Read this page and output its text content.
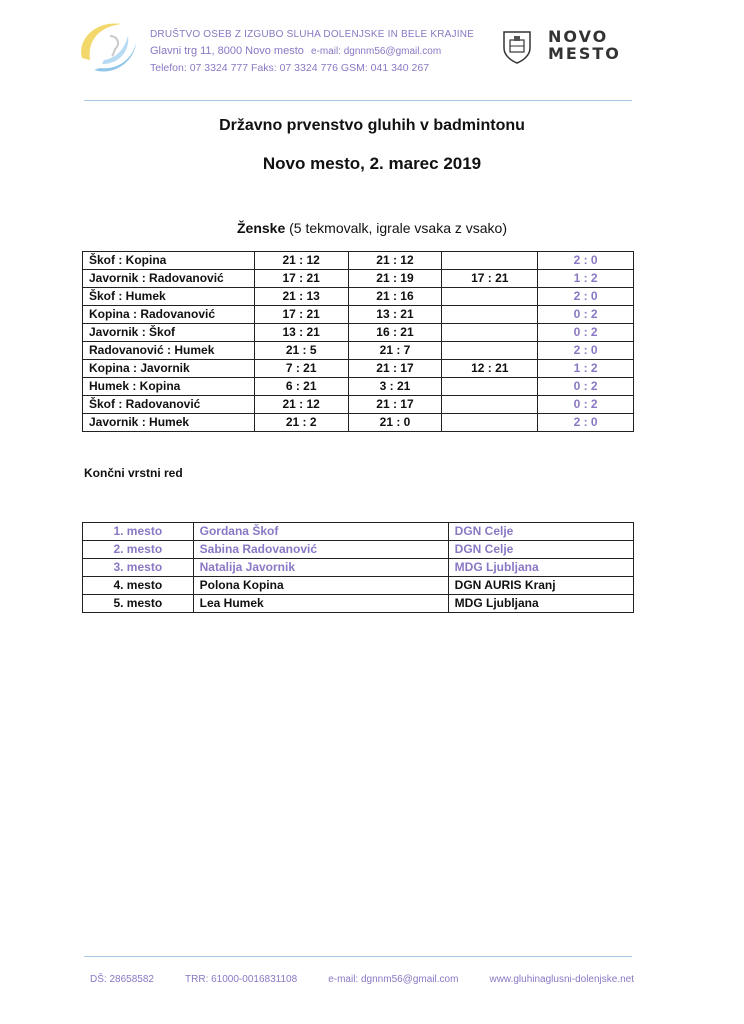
DRUŠTVO OSEB Z IZGUBO SLUHA DOLENJSKE IN BELE KRAJINE
Glavni trg 11, 8000 Novo mesto e-mail: dgnnm56@gmail.com
Telefon: 07 3324 777 Faks: 07 3324 776 GSM: 041 340 267
NOVO
MESTO
Državno prvenstvo gluhih v badmintonu
Novo mesto, 2. marec 2019
Ženske (5 tekmovalk, igrale vsaka z vsako)
Škof : Kopina	21 : 12	21 : 12		2 : 0
Javornik : Radovanović	17 : 21	21 : 19	17 : 21	1 : 2
Škof : Humek	21 : 13	21 : 16		2 : 0
Kopina : Radovanović	17 : 21	13 : 21		0 : 2
Javornik : Škof	13 : 21	16 : 21		0 : 2
Radovanović : Humek	21 : 5	21 : 7		2 : 0
Kopina : Javornik	7 : 21	21 : 17	12 : 21	1 : 2
Humek : Kopina	6 : 21	3 : 21		0 : 2
Škof : Radovanović	21 : 12	21 : 17		0 : 2
Javornik : Humek	21 : 2	21 : 0		2 : 0
Končni vrstni red
1. mesto	Gordana Škof	DGN Celje
2. mesto	Sabina Radovanović	DGN Celje
3. mesto	Natalija Javornik	MDG Ljubljana
4. mesto	Polona Kopina	DGN AURIS Kranj
5. mesto	Lea Humek	MDG Ljubljana
DŠ: 28658582	TRR: 61000-0016831108	e-mail: dgnnm56@gmail.com	www.gluhinaglusni-dolenjske.net
